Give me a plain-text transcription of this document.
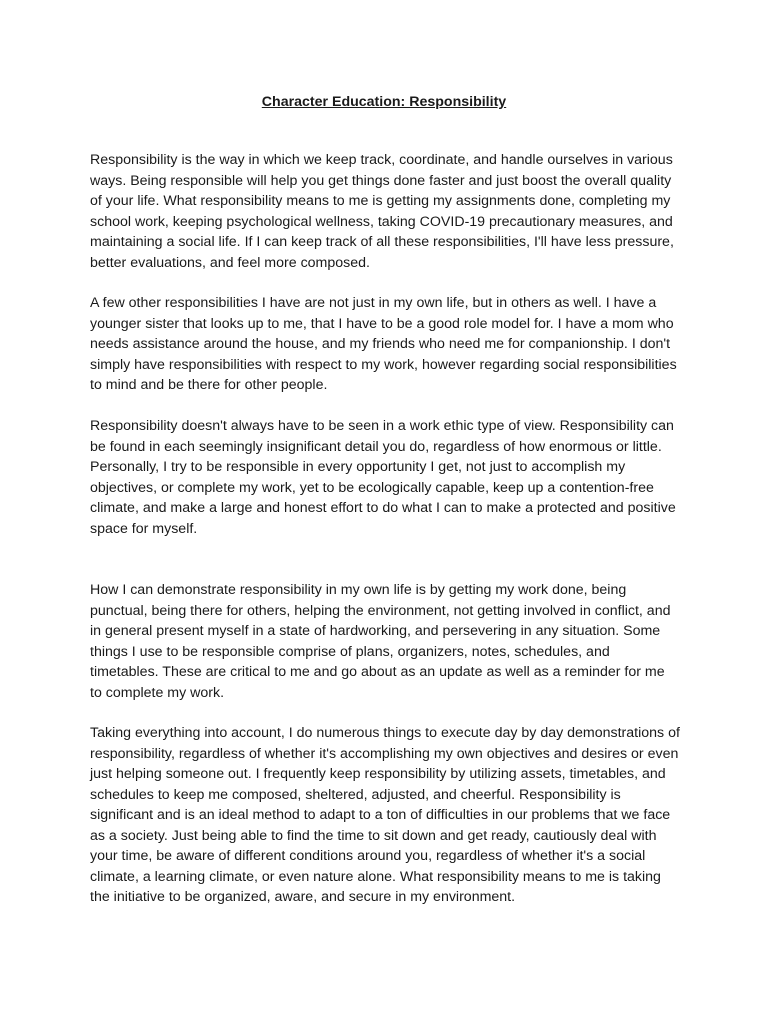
Character Education: Responsibility

Responsibility is the way in which we keep track, coordinate, and handle ourselves in various ways. Being responsible will help you get things done faster and just boost the overall quality of your life. What responsibility means to me is getting my assignments done, completing my school work, keeping psychological wellness, taking COVID-19 precautionary measures, and maintaining a social life. If I can keep track of all these responsibilities, I'll have less pressure, better evaluations, and feel more composed.

A few other responsibilities I have are not just in my own life, but in others as well. I have a younger sister that looks up to me, that I have to be a good role model for. I have a mom who needs assistance around the house, and my friends who need me for companionship. I don't simply have responsibilities with respect to my work, however regarding social responsibilities to mind and be there for other people.

Responsibility doesn't always have to be seen in a work ethic type of view. Responsibility can be found in each seemingly insignificant detail you do, regardless of how enormous or little. Personally, I try to be responsible in every opportunity I get, not just to accomplish my objectives, or complete my work, yet to be ecologically capable, keep up a contention-free climate, and make a large and honest effort to do what I can to make a protected and positive space for myself.

How I can demonstrate responsibility in my own life is by getting my work done, being punctual, being there for others, helping the environment, not getting involved in conflict, and in general present myself in a state of hardworking, and persevering in any situation. Some things I use to be responsible comprise of plans, organizers, notes, schedules, and timetables. These are critical to me and go about as an update as well as a reminder for me to complete my work.

Taking everything into account, I do numerous things to execute day by day demonstrations of responsibility, regardless of whether it's accomplishing my own objectives and desires or even just helping someone out. I frequently keep responsibility by utilizing assets, timetables, and schedules to keep me composed, sheltered, adjusted, and cheerful. Responsibility is significant and is an ideal method to adapt to a ton of difficulties in our problems that we face as a society. Just being able to find the time to sit down and get ready, cautiously deal with your time, be aware of different conditions around you, regardless of whether it's a social climate, a learning climate, or even nature alone. What responsibility means to me is taking the initiative to be organized, aware, and secure in my environment.
